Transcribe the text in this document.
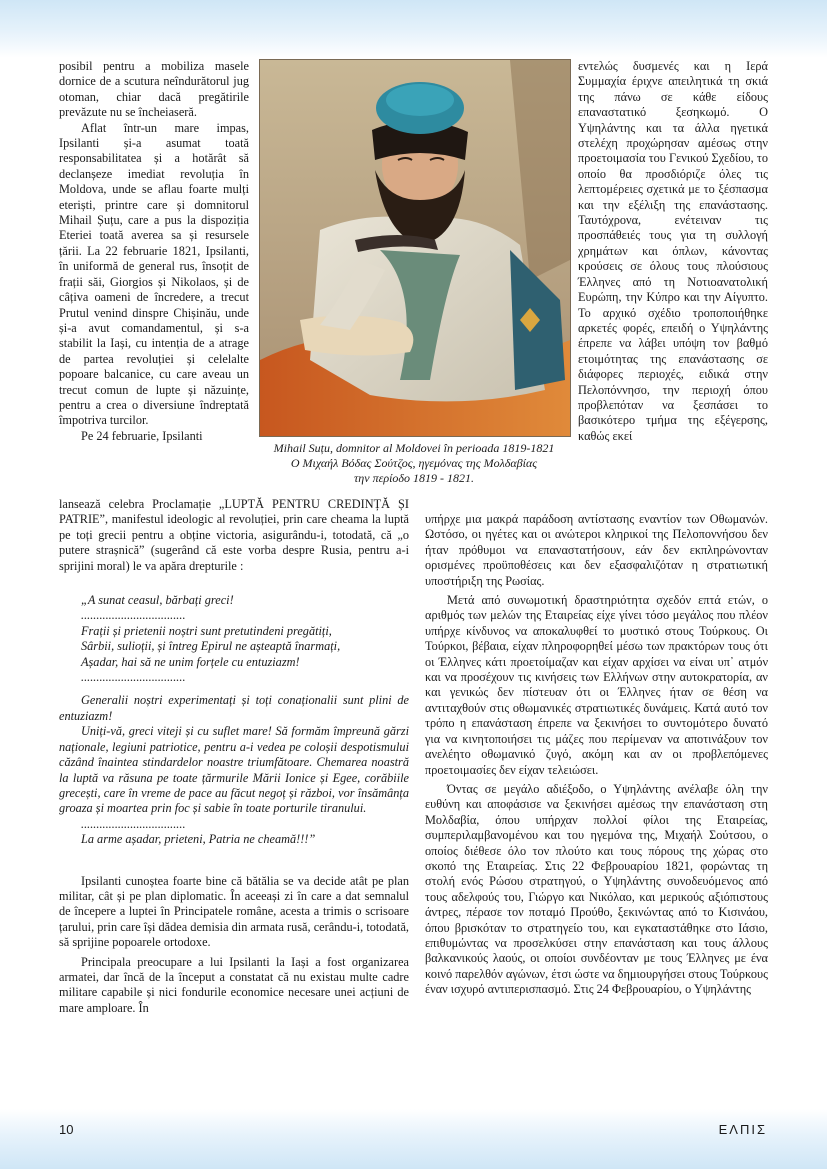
posibil pentru a mobiliza masele dornice de a scutura neîndurătorul jug otoman, chiar dacă pregătirile prevăzute nu se încheiaseră.

Aflat într-un mare impas, Ipsilanti și-a asumat toată responsabilitatea și a hotărât să declanșeze imediat revoluția în Moldova, unde se aflau foarte mulți eteriști, printre care și domnitorul Mihail Șuțu, care a pus la dispoziția Eteriei toată averea sa și resursele țării. La 22 februarie 1821, Ipsilanti, în uniformă de general rus, însoțit de frații săi, Giorgios și Nikolaos, și de câțiva oameni de încredere, a trecut Prutul venind dinspre Chișinău, unde și-a avut comandamentul, și s-a stabilit la Iași, cu intenția de a atrage de partea revoluției și celelalte popoare balcanice, cu care aveau un trecut comun de lupte și năzuințe, pentru a crea o diversiune îndreptată împotriva turcilor.

Pe 24 februarie, Ipsilanti

Mihail Suțu, domnitor al Moldovei în perioada 1819-1821
Ο Μιχαήλ Βόδας Σούτζος, ηγεμόνας της Μολδαβίας
την περίοδο 1819 - 1821.

εντελώς δυσμενές και η Ιερά Συμμαχία έριχνε απειλητικά τη σκιά της πάνω σε κάθε είδους επαναστατικό ξεσηκωμό. Ο Υψηλάντης και τα άλλα ηγετικά στελέχη προχώρησαν αμέσως στην προετοιμασία του Γενικού Σχεδίου, το οποίο θα προσδιόριζε όλες τις λεπτομέρειες σχετικά με το ξέσπασμα και την εξέλιξη της επανάστασης. Ταυτόχρονα, ενέτειναν τις προσπάθειές τους για τη συλλογή χρημάτων και όπλων, κάνοντας κρούσεις σε όλους τους πλούσιους Έλληνες από τη Νοτιοανατολική Ευρώπη, την Κύπρο και την Αίγυπτο. Το αρχικό σχέδιο τροποποιήθηκε αρκετές φορές, επειδή ο Υψηλάντης έπρεπε να λάβει υπόψη τον βαθμό ετοιμότητας της επανάστασης σε διάφορες περιοχές, ειδικά στην Πελοπόννησο, την περιοχή όπου προβλεπόταν να ξεσπάσει το βασικότερο τμήμα της εξέγερσης, καθώς εκεί

lansează celebra Proclamație „LUPTĂ PENTRU CREDINȚĂ ȘI PATRIE”, manifestul ideologic al revoluției, prin care cheama la luptă pe toți grecii pentru a obține victoria, asigurându-i, totodată, că „o putere strașnică” (sugerând că este vorba despre Rusia, pentru a-i sprijini moral) le va apăra drepturile :

„A sunat ceasul, bărbați greci!

..................................

Frații și prietenii noștri sunt pretutindeni pregătiți,

Sârbii, sulioții, și întreg Epirul ne așteaptă înarmați,

Așadar, hai să ne unim forțele cu entuziazm!

..................................

Generalii noștri experimentați și toți conaționalii sunt plini de entuziazm!

Uniți-vă, greci viteji și cu suflet mare! Să formăm împreună gărzi naționale, legiuni patriotice, pentru a-i vedea pe coloșii despotismului căzând înaintea stindardelor noastre triumfătoare. Chemarea noastră la luptă va răsuna pe toate țărmurile Mării Ionice și Egee, corăbiile grecești, care în vreme de pace au făcut negoț și război, vor însămânța groaza și moartea prin foc și sabie în toate porturile tiranului.

..................................

La arme așadar, prieteni, Patria ne cheamă!!!”

Ipsilanti cunoștea foarte bine că bătălia se va decide atât pe plan militar, cât și pe plan diplomatic. În aceeași zi în care a dat semnalul de începere a luptei în Principatele române, acesta a trimis o scrisoare țarului, prin care își dădea demisia din armata rusă, cerându-i, totodată, să sprijine popoarele ortodoxe.

Principala preocupare a lui Ipsilanti la Iași a fost organizarea armatei, dar încă de la început a constatat că nu existau multe cadre militare capabile și nici fondurile economice necesare unei acțiuni de mare amploare. În

υπήρχε μια μακρά παράδοση αντίστασης εναντίον των Οθωμανών. Ωστόσο, οι ηγέτες και οι ανώτεροι κληρικοί της Πελοποννήσου δεν ήταν πρόθυμοι να επαναστατήσουν, εάν δεν εκπληρώνονταν ορισμένες προϋποθέσεις και δεν εξασφαλιζόταν η στρατιωτική υποστήριξη της Ρωσίας.

Μετά από συνωμοτική δραστηριότητα σχεδόν επτά ετών, ο αριθμός των μελών της Εταιρείας είχε γίνει τόσο μεγάλος που πλέον υπήρχε κίνδυνος να αποκαλυφθεί το μυστικό στους Τούρκους. Οι Τούρκοι, βέβαια, είχαν πληροφορηθεί μέσω των πρακτόρων τους ότι οι Έλληνες κάτι προετοίμαζαν και είχαν αρχίσει να είναι υπ᾽ ατμόν και να προσέχουν τις κινήσεις των Ελλήνων στην αυτοκρατορία, αν και γενικώς δεν πίστευαν ότι οι Έλληνες ήταν σε θέση να αντιταχθούν στις οθωμανικές στρατιωτικές δυνάμεις. Κατά αυτό τον τρόπο η επανάσταση έπρεπε να ξεκινήσει το συντομότερο δυνατό για να κινητοποιήσει τις μάζες που περίμεναν να αποτινάξουν τον ανελέητο οθωμανικό ζυγό, ακόμη και αν οι προβλεπόμενες προετοιμασίες δεν είχαν τελειώσει.

Όντας σε μεγάλο αδιέξοδο, ο Υψηλάντης ανέλαβε όλη την ευθύνη και αποφάσισε να ξεκινήσει αμέσως την επανάσταση στη Μολδαβία, όπου υπήρχαν πολλοί φίλοι της Εταιρείας, συμπεριλαμβανομένου και του ηγεμόνα της, Μιχαήλ Σούτσου, ο οποίος διέθεσε όλο τον πλούτο και τους πόρους της χώρας στο σκοπό της Εταιρείας. Στις 22 Φεβρουαρίου 1821, φορώντας τη στολή ενός Ρώσου στρατηγού, ο Υψηλάντης συνοδευόμενος από τους αδελφούς του, Γιώργο και Νικόλαο, και μερικούς αξιόπιστους άντρες, πέρασε τον ποταμό Προύθο, ξεκινώντας από το Κισινάου, όπου βρισκόταν το στρατηγείο του, και εγκαταστάθηκε στο Ιάσιο, επιθυμώντας να προσελκύσει στην επανάσταση και τους άλλους βαλκανικούς λαούς, οι οποίοι συνδέονταν με τους Έλληνες με ένα κοινό παρελθόν αγώνων, έτσι ώστε να δημιουργήσει στους Τούρκους έναν ισχυρό αντιπερισπασμό. Στις 24 Φεβρουαρίου, ο Υψηλάντης

10	ΕΛΠΙΣ
